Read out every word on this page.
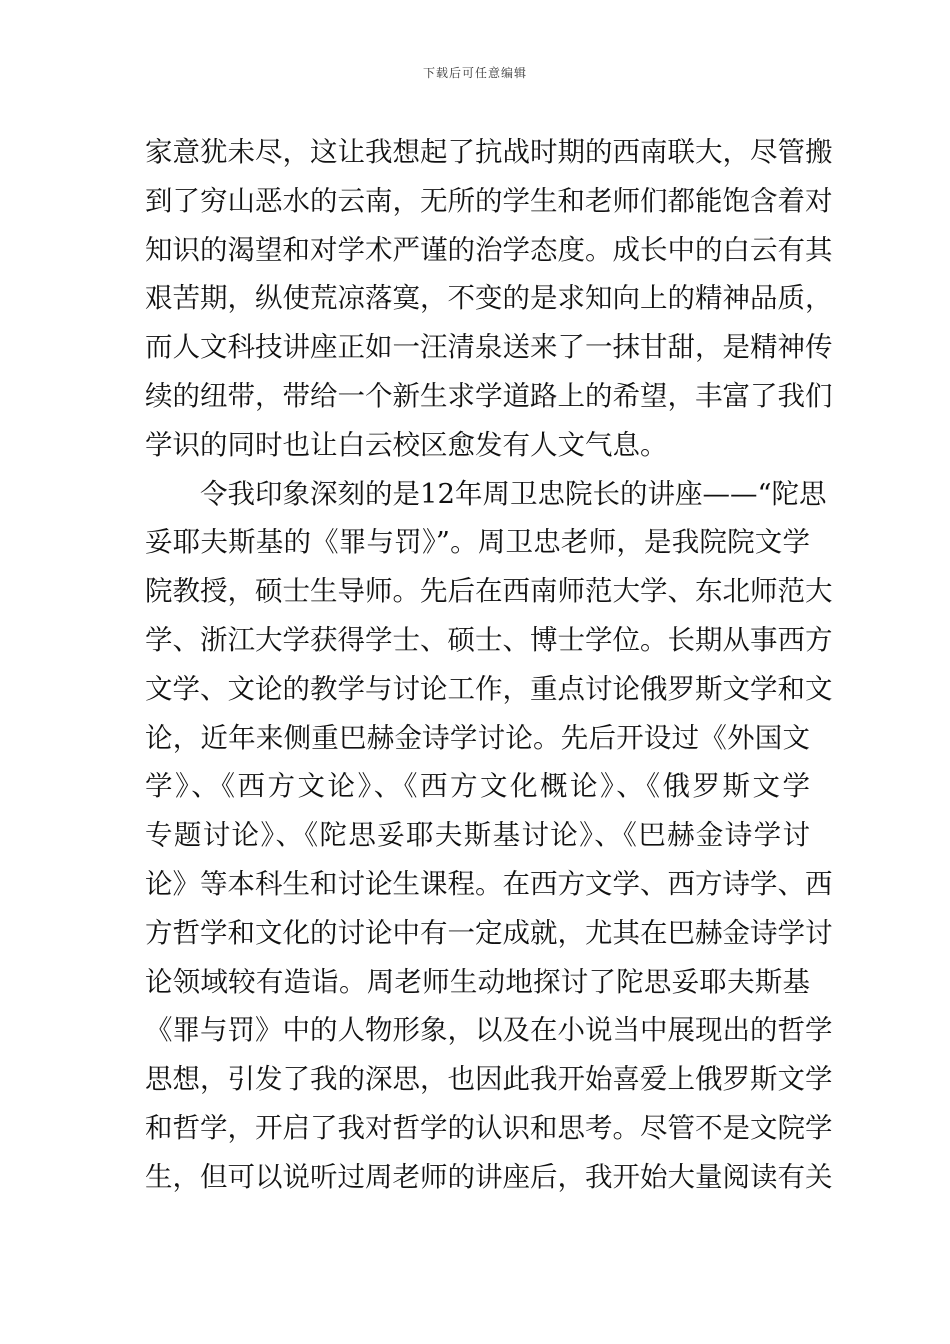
下载后可任意编辑
家意犹未尽，这让我想起了抗战时期的西南联大，尽管搬
到了穷山恶水的云南，无所的学生和老师们都能饱含着对
知识的渴望和对学术严谨的治学态度。成长中的白云有其
艰苦期，纵使荒凉落寞，不变的是求知向上的精神品质，
而人文科技讲座正如一汪清泉送来了一抹甘甜，是精神传
续的纽带，带给一个新生求学道路上的希望，丰富了我们
学识的同时也让白云校区愈发有人文气息。
令我印象深刻的是12年周卫忠院长的讲座——“陀思
妥耶夫斯基的《罪与罚》”。周卫忠老师，是我院院文学
院教授，硕士生导师。先后在西南师范大学、东北师范大
学、浙江大学获得学士、硕士、博士学位。长期从事西方
文学、文论的教学与讨论工作，重点讨论俄罗斯文学和文
论，近年来侧重巴赫金诗学讨论。先后开设过《外国文
学》、《西方文论》、《西方文化概论》、《俄罗斯文学
专题讨论》、《陀思妥耶夫斯基讨论》、《巴赫金诗学讨
论》等本科生和讨论生课程。在西方文学、西方诗学、西
方哲学和文化的讨论中有一定成就，尤其在巴赫金诗学讨
论领域较有造诣。周老师生动地探讨了陀思妥耶夫斯基
《罪与罚》中的人物形象，以及在小说当中展现出的哲学
思想，引发了我的深思，也因此我开始喜爱上俄罗斯文学
和哲学，开启了我对哲学的认识和思考。尽管不是文院学
生，但可以说听过周老师的讲座后，我开始大量阅读有关
